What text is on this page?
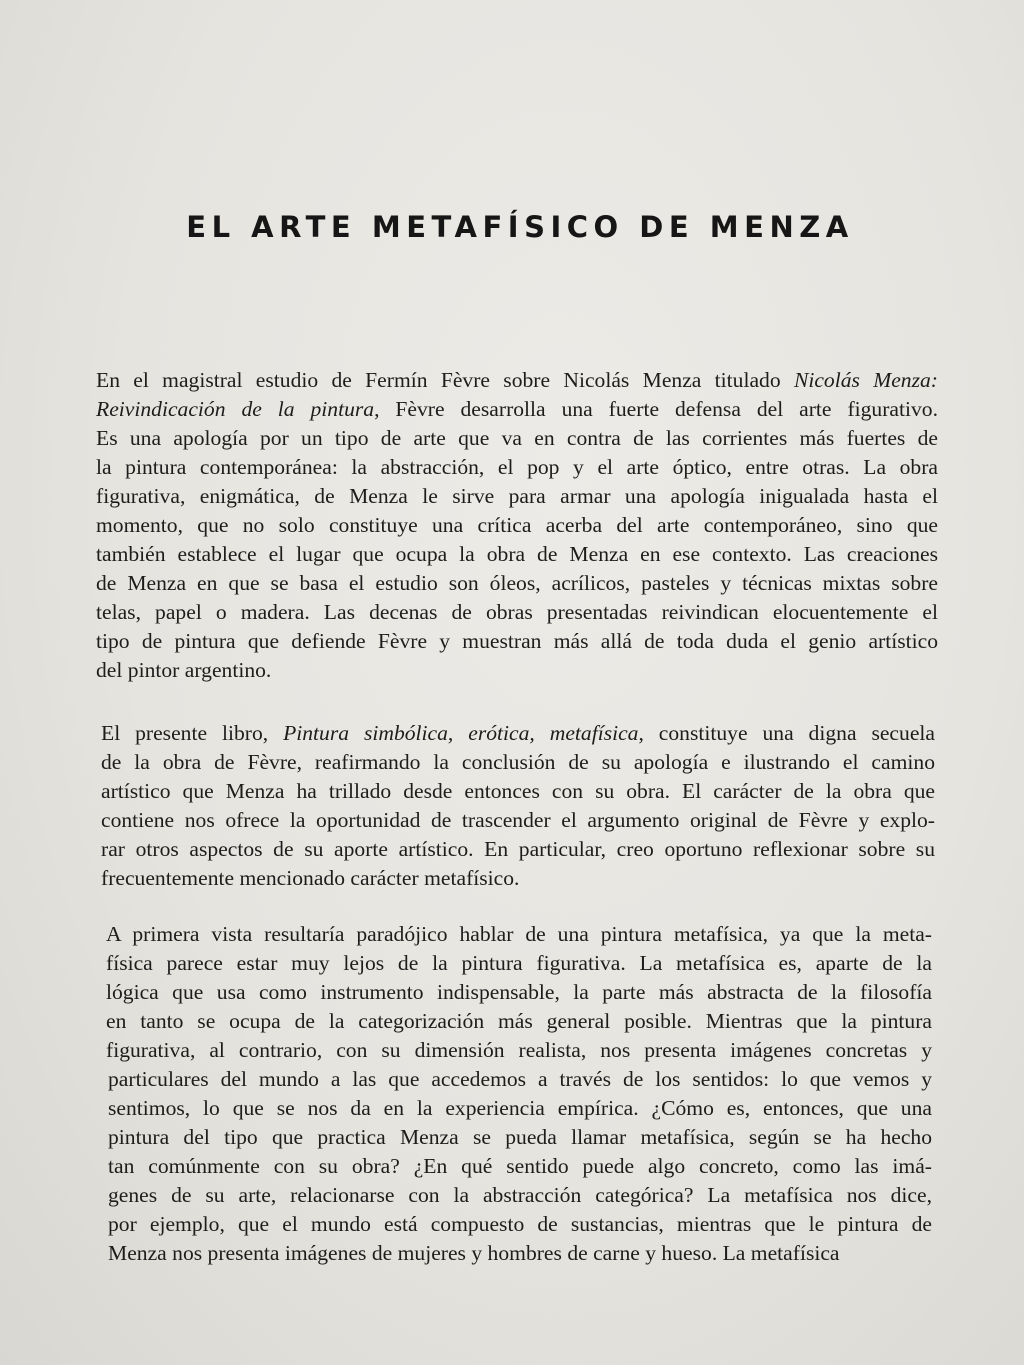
EL ARTE METAFÍSICO DE MENZA
En el magistral estudio de Fermín Fèvre sobre Nicolás Menza titulado Nicolás Menza:
Reivindicación de la pintura, Fèvre desarrolla una fuerte defensa del arte figurativo.
Es una apología por un tipo de arte que va en contra de las corrientes más fuertes de
la pintura contemporánea: la abstracción, el pop y el arte óptico, entre otras. La obra
figurativa, enigmática, de Menza le sirve para armar una apología inigualada hasta el
momento, que no solo constituye una crítica acerba del arte contemporáneo, sino que
también establece el lugar que ocupa la obra de Menza en ese contexto. Las creaciones
de Menza en que se basa el estudio son óleos, acrílicos, pasteles y técnicas mixtas sobre
telas, papel o madera. Las decenas de obras presentadas reivindican elocuentemente el
tipo de pintura que defiende Fèvre y muestran más allá de toda duda el genio artístico
del pintor argentino.
El presente libro, Pintura simbólica, erótica, metafísica, constituye una digna secuela
de la obra de Fèvre, reafirmando la conclusión de su apología e ilustrando el camino
artístico que Menza ha trillado desde entonces con su obra. El carácter de la obra que
contiene nos ofrece la oportunidad de trascender el argumento original de Fèvre y explo-
rar otros aspectos de su aporte artístico. En particular, creo oportuno reflexionar sobre su
frecuentemente mencionado carácter metafísico.
A primera vista resultaría paradójico hablar de una pintura metafísica, ya que la meta-
física parece estar muy lejos de la pintura figurativa. La metafísica es, aparte de la
lógica que usa como instrumento indispensable, la parte más abstracta de la filosofía
en tanto se ocupa de la categorización más general posible. Mientras que la pintura
figurativa, al contrario, con su dimensión realista, nos presenta imágenes concretas y
particulares del mundo a las que accedemos a través de los sentidos: lo que vemos y
sentimos, lo que se nos da en la experiencia empírica. ¿Cómo es, entonces, que una
pintura del tipo que practica Menza se pueda llamar metafísica, según se ha hecho
tan comúnmente con su obra? ¿En qué sentido puede algo concreto, como las imá-
genes de su arte, relacionarse con la abstracción categórica? La metafísica nos dice,
por ejemplo, que el mundo está compuesto de sustancias, mientras que le pintura de
Menza nos presenta imágenes de mujeres y hombres de carne y hueso. La metafísica
